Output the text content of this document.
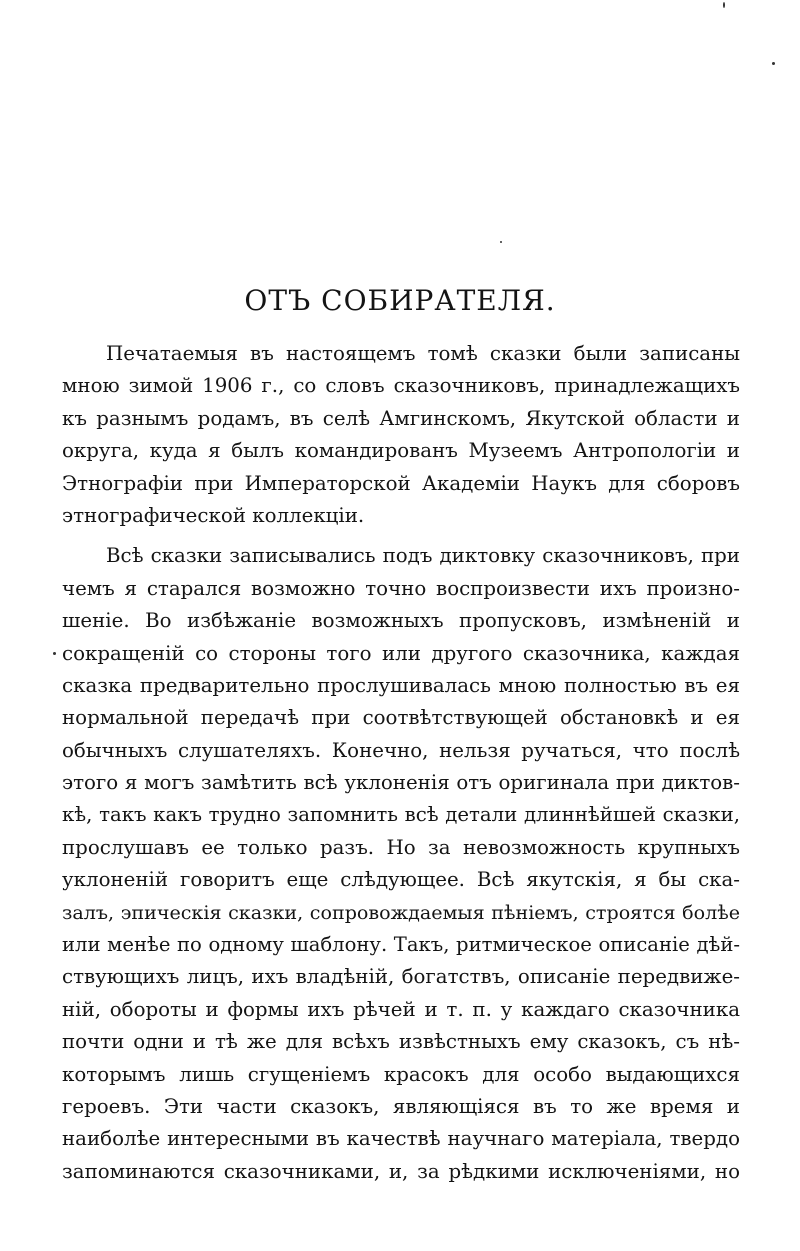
ОТЪ СОБИРАТЕЛЯ.
Печатаемыя въ настоящемъ томѣ сказки были записаны
мною зимой 1906 г., со словъ сказочниковъ, принадлежащихъ
къ разнымъ родамъ, въ селѣ Амгинскомъ, Якутской области и
округа, куда я былъ командированъ Музеемъ Антропологіи и
Этнографіи при Императорской Академіи Наукъ для сборовъ
этнографической коллекціи.
Всѣ сказки записывались подъ диктовку сказочниковъ, при
чемъ я старался возможно точно воспроизвести ихъ произно-
шеніе. Во избѣжаніе возможныхъ пропусковъ, измѣненій и
сокращеній со стороны того или другого сказочника, каждая
сказка предварительно прослушивалась мною полностью въ ея
нормальной передачѣ при соотвѣтствующей обстановкѣ и ея
обычныхъ слушателяхъ. Конечно, нельзя ручаться, что послѣ
этого я могъ замѣтить всѣ уклоненія отъ оригинала при диктов-
кѣ, такъ какъ трудно запомнить всѣ детали длиннѣйшей сказки,
прослушавъ ее только разъ. Но за невозможность крупныхъ
уклоненій говоритъ еще слѣдующее. Всѣ якутскія, я бы ска-
залъ, эпическія сказки, сопровождаемыя пѣніемъ, строятся болѣе
или менѣе по одному шаблону. Такъ, ритмическое описаніе дѣй-
ствующихъ лицъ, ихъ владѣній, богатствъ, описаніе передвиже-
ній, обороты и формы ихъ рѣчей и т. п. у каждаго сказочника
почти одни и тѣ же для всѣхъ извѣстныхъ ему сказокъ, съ нѣ-
которымъ лишь сгущеніемъ красокъ для особо выдающихся
героевъ. Эти части сказокъ, являющіяся въ то же время и
наиболѣе интересными въ качествѣ научнаго матеріала, твердо
запоминаются сказочниками, и, за рѣдкими исключеніями, но
